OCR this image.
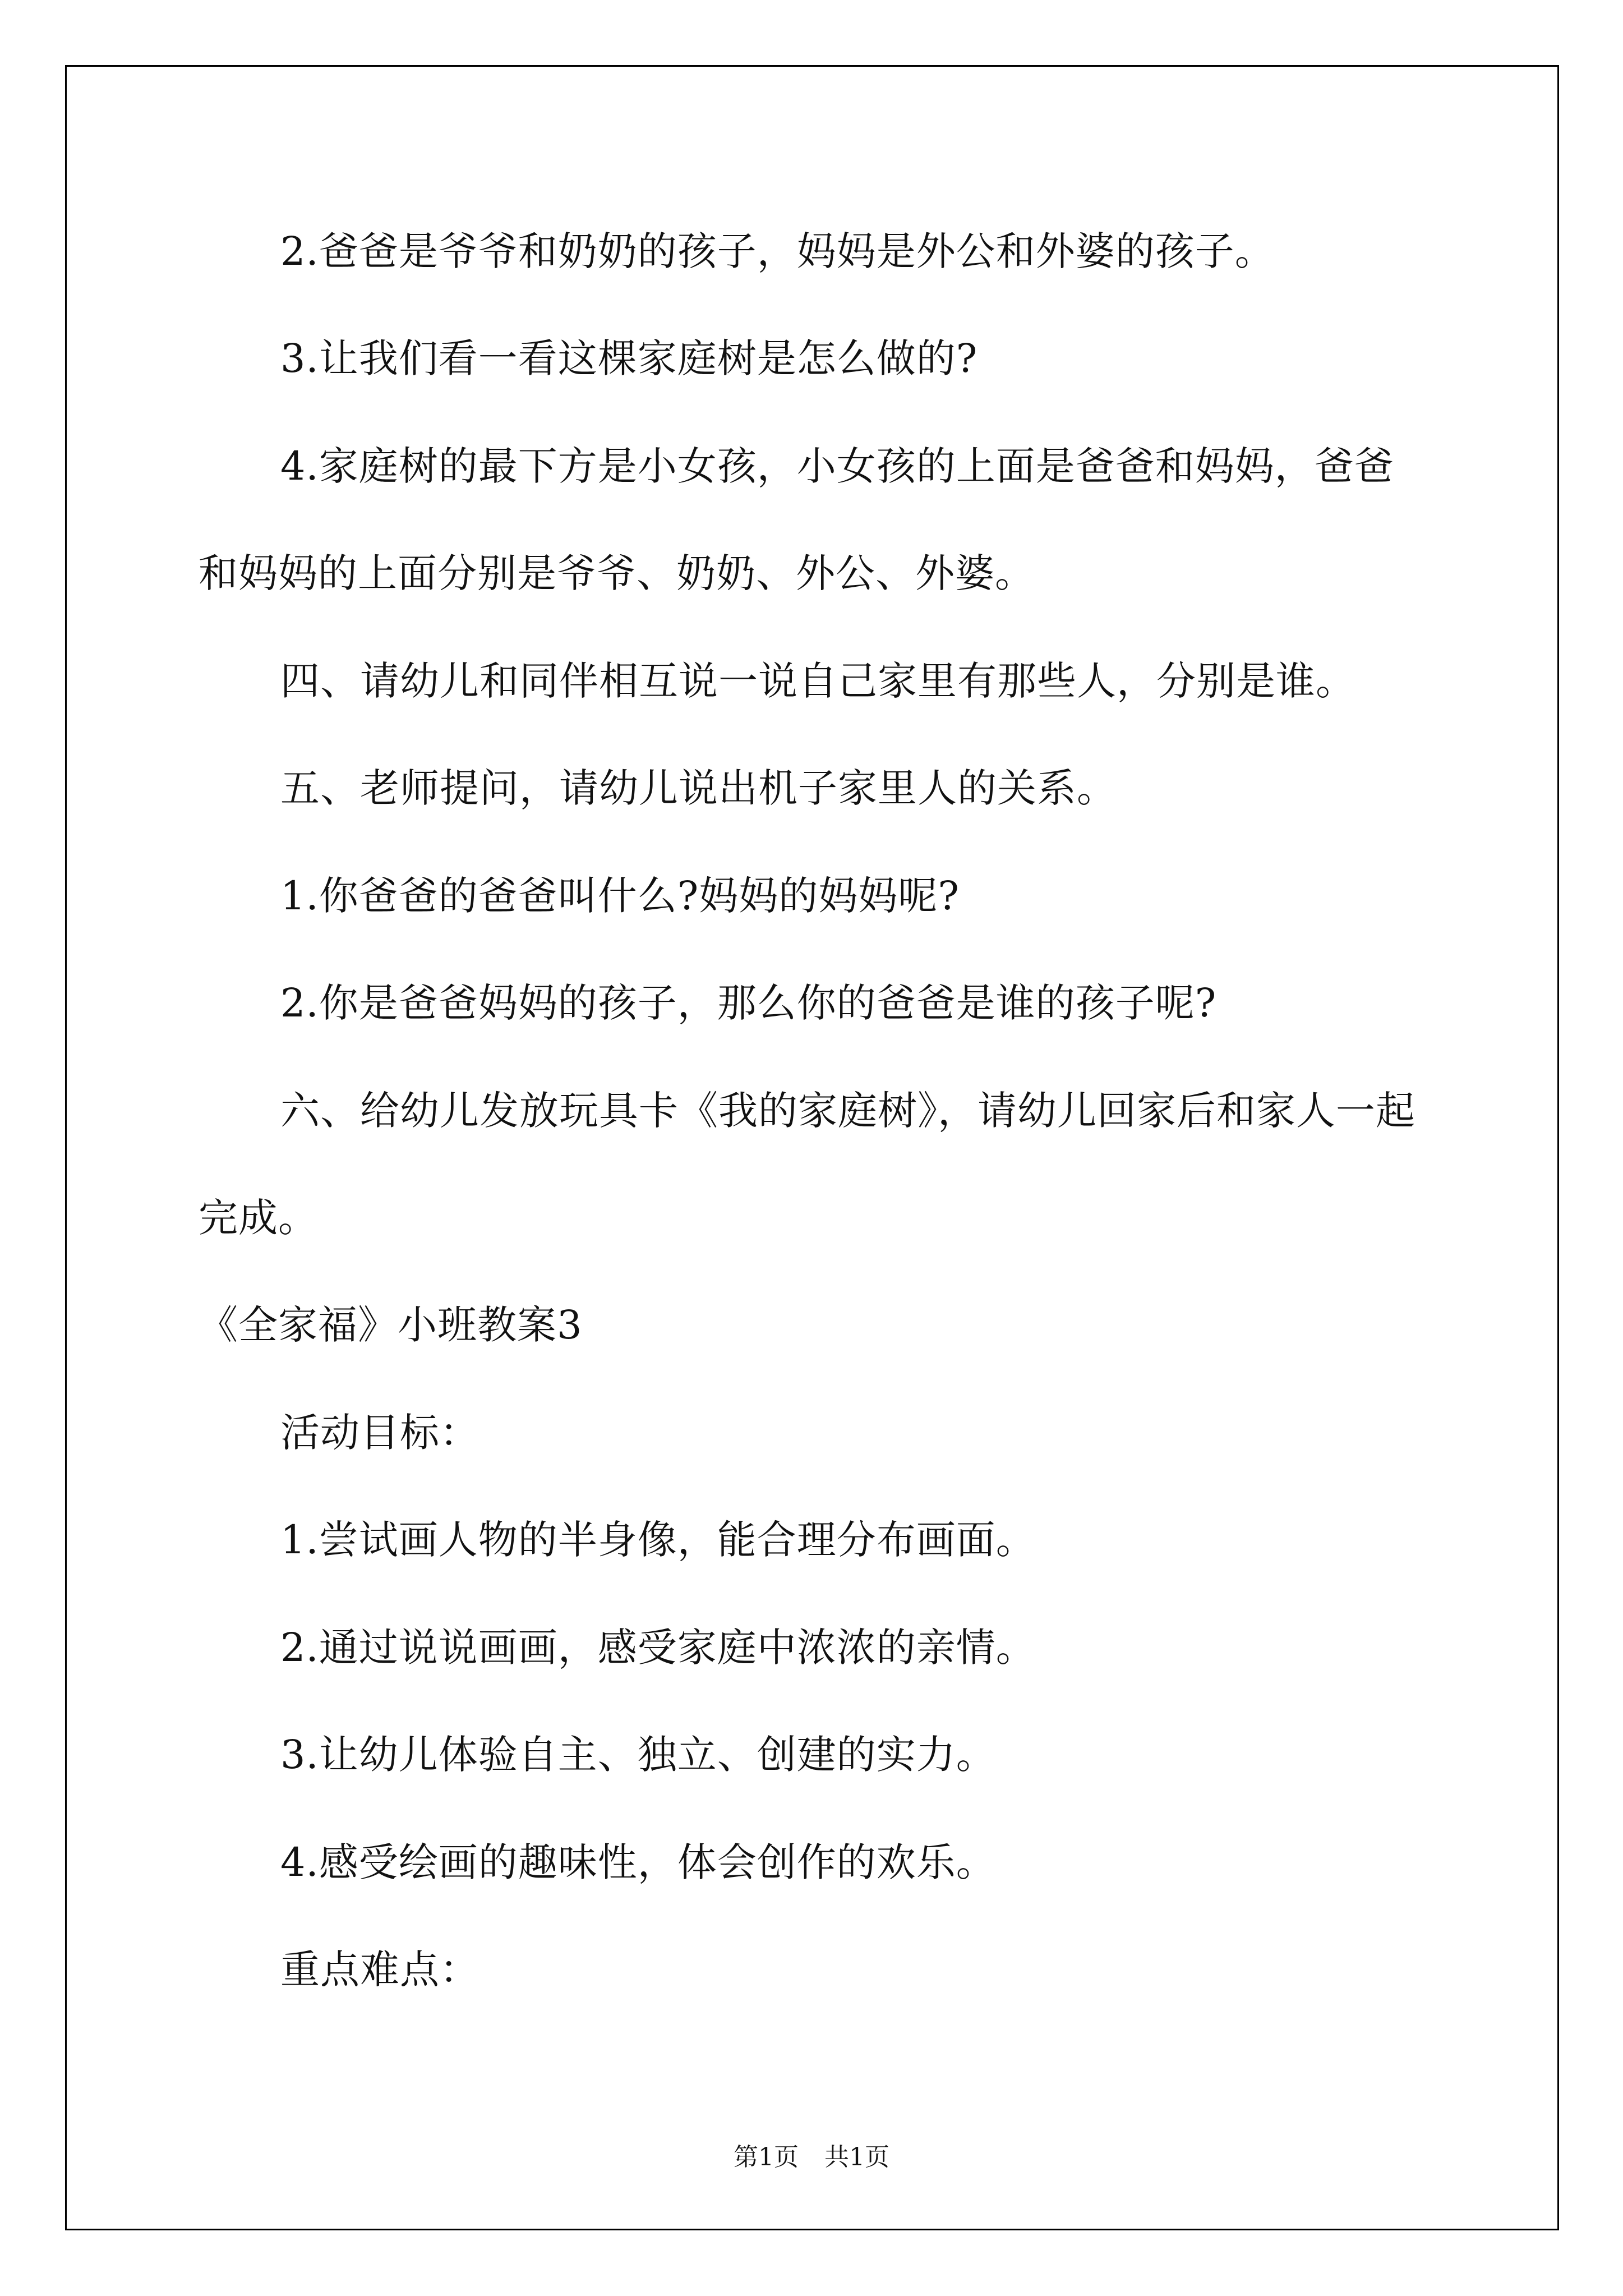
2.爸爸是爷爷和奶奶的孩子，妈妈是外公和外婆的孩子。
3.让我们看一看这棵家庭树是怎么做的?
4.家庭树的最下方是小女孩，小女孩的上面是爸爸和妈妈，爸爸
和妈妈的上面分别是爷爷、奶奶、外公、外婆。
四、请幼儿和同伴相互说一说自己家里有那些人，分别是谁。
五、老师提问，请幼儿说出机子家里人的关系。
1.你爸爸的爸爸叫什么?妈妈的妈妈呢?
2.你是爸爸妈妈的孩子，那么你的爸爸是谁的孩子呢?
六、给幼儿发放玩具卡《我的家庭树》，请幼儿回家后和家人一起
完成。
《全家福》小班教案3
活动目标：
1.尝试画人物的半身像，能合理分布画面。
2.通过说说画画，感受家庭中浓浓的亲情。
3.让幼儿体验自主、独立、创建的实力。
4.感受绘画的趣味性，体会创作的欢乐。
重点难点：
第1页 共1页
